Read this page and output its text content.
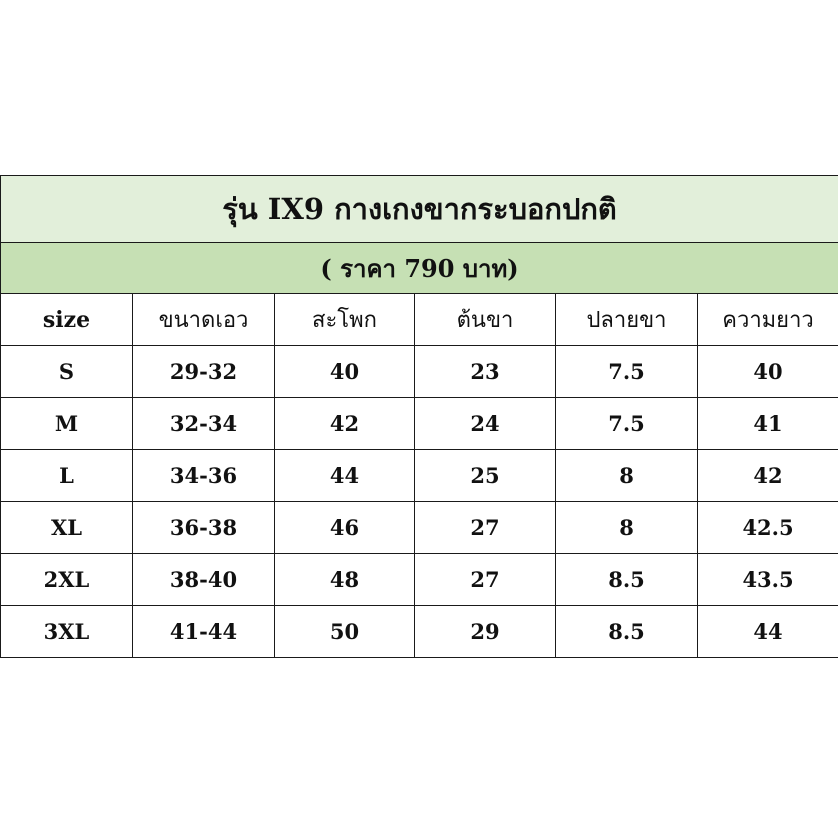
รุ่น IX9 กางเกงขากระบอกปกติ					
( ราคา 790 บาท)					
size	ขนาดเอว	สะโพก	ต้นขา	ปลายขา	ความยาว
S	29-32	40	23	7.5	40
M	32-34	42	24	7.5	41
L	34-36	44	25	8	42
XL	36-38	46	27	8	42.5
2XL	38-40	48	27	8.5	43.5
3XL	41-44	50	29	8.5	44
